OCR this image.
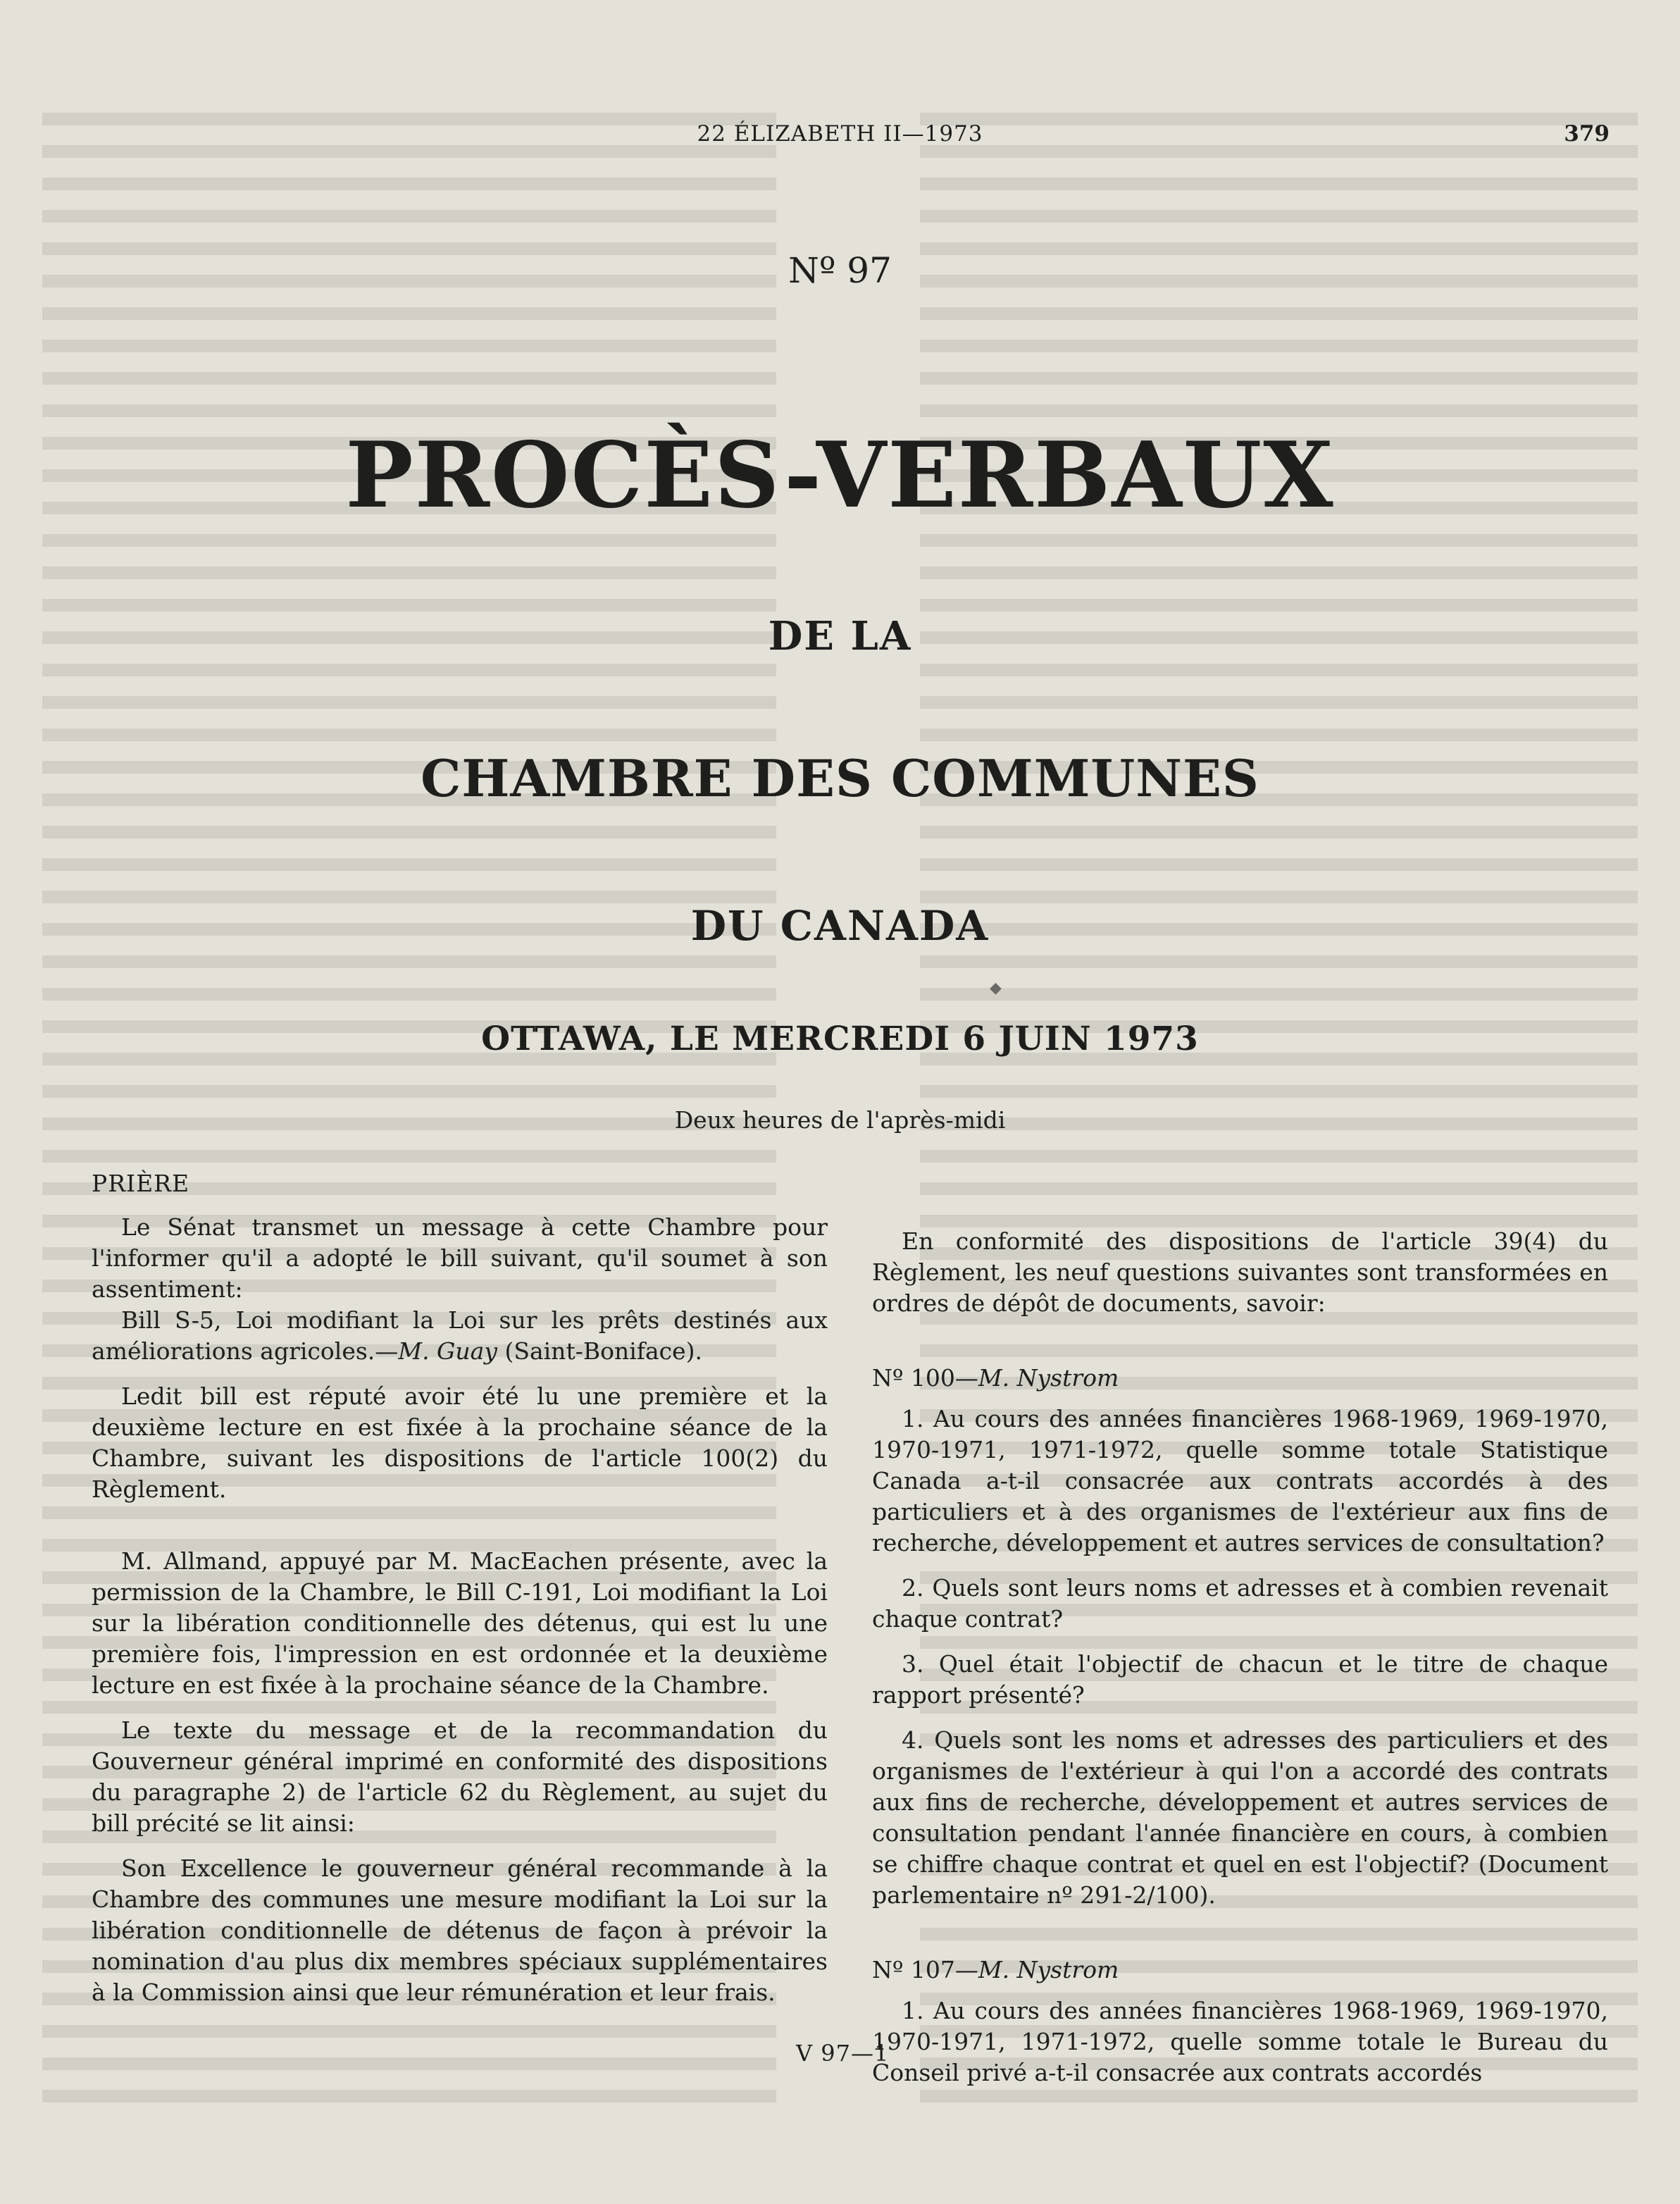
22 ÉLIZABETH II—1973	379
Nº 97
PROCÈS-VERBAUX
DE LA
CHAMBRE DES COMMUNES
DU CANADA
◆
OTTAWA, LE MERCREDI 6 JUIN 1973
Deux heures de l'après-midi
PRIÈRE

Le Sénat transmet un message à cette Chambre pour l'informer qu'il a adopté le bill suivant, qu'il soumet à son assentiment:

Bill S-5, Loi modifiant la Loi sur les prêts destinés aux améliorations agricoles.—M. Guay (Saint-Boniface).

Ledit bill est réputé avoir été lu une première et la deuxième lecture en est fixée à la prochaine séance de la Chambre, suivant les dispositions de l'article 100(2) du Règlement.

M. Allmand, appuyé par M. MacEachen présente, avec la permission de la Chambre, le Bill C-191, Loi modifiant la Loi sur la libération conditionnelle des détenus, qui est lu une première fois, l'impression en est ordonnée et la deuxième lecture en est fixée à la prochaine séance de la Chambre.

Le texte du message et de la recommandation du Gouverneur général imprimé en conformité des dispositions du paragraphe 2) de l'article 62 du Règlement, au sujet du bill précité se lit ainsi:

Son Excellence le gouverneur général recommande à la Chambre des communes une mesure modifiant la Loi sur la libération conditionnelle de détenus de façon à prévoir la nomination d'au plus dix membres spéciaux supplémentaires à la Commission ainsi que leur rémunération et leur frais.

En conformité des dispositions de l'article 39(4) du Règlement, les neuf questions suivantes sont transformées en ordres de dépôt de documents, savoir:

Nº 100—M. Nystrom

1. Au cours des années financières 1968-1969, 1969-1970, 1970-1971, 1971-1972, quelle somme totale Statistique Canada a-t-il consacrée aux contrats accordés à des particuliers et à des organismes de l'extérieur aux fins de recherche, développement et autres services de consultation?

2. Quels sont leurs noms et adresses et à combien revenait chaque contrat?

3. Quel était l'objectif de chacun et le titre de chaque rapport présenté?

4. Quels sont les noms et adresses des particuliers et des organismes de l'extérieur à qui l'on a accordé des contrats aux fins de recherche, développement et autres services de consultation pendant l'année financière en cours, à combien se chiffre chaque contrat et quel en est l'objectif? (Document parlementaire nº 291-2/100).

Nº 107—M. Nystrom

1. Au cours des années financières 1968-1969, 1969-1970, 1970-1971, 1971-1972, quelle somme totale le Bureau du Conseil privé a-t-il consacrée aux contrats accordés

V 97—1
